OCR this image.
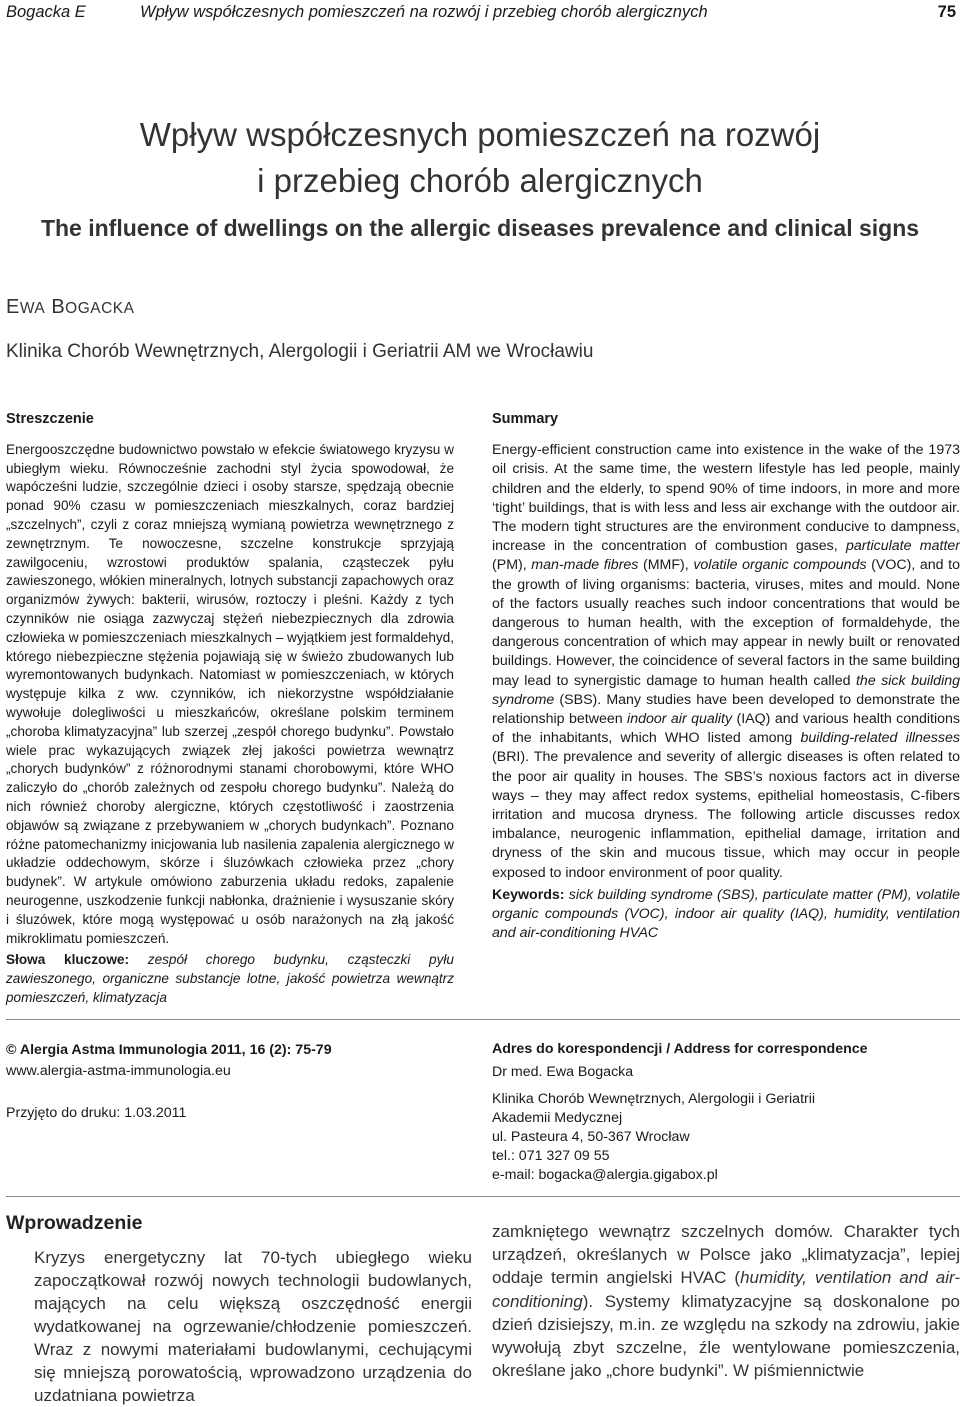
Bogacka E	Wpływ współczesnych pomieszczeń na rozwój i przebieg chorób alergicznych	75
Wpływ współczesnych pomieszczeń na rozwój
i przebieg chorób alergicznych
The influence of dwellings on the allergic diseases prevalence and clinical signs
EWA BOGACKA
Klinika Chorób Wewnętrznych, Alergologii i Geriatrii AM we Wrocławiu

Streszczenie

Energooszczędne budownictwo powstało w efekcie światowego kryzysu w ubiegłym wieku. Równocześnie zachodni styl życia spowodował, że wapócześni ludzie, szczególnie dzieci i osoby starsze, spędzają obecnie ponad 90% czasu w pomieszczeniach mieszkalnych, coraz bardziej „szczelnych”, czyli z coraz mniejszą wymianą powietrza wewnętrznego z zewnętrznym. Te nowoczesne, szczelne konstrukcje sprzyjają zawilgoceniu, wzrostowi produktów spalania, cząsteczek pyłu zawieszonego, włókien mineralnych, lotnych substancji zapachowych oraz organizmów żywych: bakterii, wirusów, roztoczy i pleśni. Każdy z tych czynników nie osiąga zazwyczaj stężeń niebezpiecznych dla zdrowia człowieka w pomieszczeniach mieszkalnych – wyjątkiem jest formaldehyd, którego niebezpieczne stężenia pojawiają się w świeżo zbudowanych lub wyremontowanych budynkach. Natomiast w pomieszczeniach, w których występuje kilka z ww. czynników, ich niekorzystne współdziałanie wywołuje dolegliwości u mieszkańców, określane polskim terminem „choroba klimatyzacyjna” lub szerzej „zespół chorego budynku”. Powstało wiele prac wykazujących związek złej jakości powietrza wewnątrz „chorych budynków” z różnorodnymi stanami chorobowymi, które WHO zaliczyło do „chorób zależnych od zespołu chorego budynku”. Należą do nich również choroby alergiczne, których częstotliwość i zaostrzenia objawów są związane z przebywaniem w „chorych budynkach”. Poznano różne patomechanizmy inicjowania lub nasilenia zapalenia alergicznego w układzie oddechowym, skórze i śluzówkach człowieka przez „chory budynek”. W artykule omówiono zaburzenia układu redoks, zapalenie neurogenne, uszkodzenie funkcji nabłonka, drażnienie i wysuszanie skóry i śluzówek, które mogą występować u osób narażonych na złą jakość mikroklimatu pomieszczeń.

Słowa kluczowe: zespół chorego budynku, cząsteczki pyłu zawieszonego, organiczne substancje lotne, jakość powietrza wewnątrz pomieszczeń, klimatyzacja

Summary

Energy-efficient construction came into existence in the wake of the 1973 oil crisis. At the same time, the western lifestyle has led people, mainly children and the elderly, to spend 90% of time indoors, in more and more ‘tight’ buildings, that is with less and less air exchange with the outdoor air. The modern tight structures are the environment conducive to dampness, increase in the concentration of combustion gases, particulate matter (PM), man-made fibres (MMF), volatile organic compounds (VOC), and to the growth of living organisms: bacteria, viruses, mites and mould. None of the factors usually reaches such indoor concentrations that would be dangerous to human health, with the exception of formaldehyde, the dangerous concentration of which may appear in newly built or renovated buildings. However, the coincidence of several factors in the same building may lead to synergistic damage to human health called the sick building syndrome (SBS). Many studies have been developed to demonstrate the relationship between indoor air quality (IAQ) and various health conditions of the inhabitants, which WHO listed among building-related illnesses (BRI). The prevalence and severity of allergic diseases is often related to the poor air quality in houses. The SBS’s noxious factors act in diverse ways – they may affect redox systems, epithelial homeostasis, C-fibers irritation and mucosa dryness. The following article discusses redox imbalance, neurogenic inflammation, epithelial damage, irritation and dryness of the skin and mucous tissue, which may occur in people exposed to indoor environment of poor quality.

Keywords: sick building syndrome (SBS), particulate matter (PM), volatile organic compounds (VOC), indoor air quality (IAQ), humidity, ventilation and air-conditioning HVAC

© Alergia Astma Immunologia 2011, 16 (2): 75-79
www.alergia-astma-immunologia.eu
Przyjęto do druku: 1.03.2011
Adres do korespondencji / Address for correspondence
Dr med. Ewa Bogacka
Klinika Chorób Wewnętrznych, Alergologii i Geriatrii
Akademii Medycznej
ul. Pasteura 4, 50-367 Wrocław
tel.: 071 327 09 55
e-mail: bogacka@alergia.gigabox.pl
Wprowadzenie

Kryzys energetyczny lat 70-tych ubiegłego wieku zapoczątkował rozwój nowych technologii budowlanych, mających na celu większą oszczędność energii wydatkowanej na ogrzewanie/chłodzenie pomieszczeń. Wraz z nowymi materiałami budowlanymi, cechującymi się mniejszą porowatością, wprowadzono urządzenia do uzdatniana powietrza

zamkniętego wewnątrz szczelnych domów. Charakter tych urządzeń, określanych w Polsce jako „klimatyzacja”, lepiej oddaje termin angielski HVAC (humidity, ventilation and air-conditioning). Systemy klimatyzacyjne są doskonalone po dzień dzisiejszy, m.in. ze względu na szkody na zdrowiu, jakie wywołują zbyt szczelne, źle wentylowane pomieszczenia, określane jako „chore budynki”. W piśmiennictwie
